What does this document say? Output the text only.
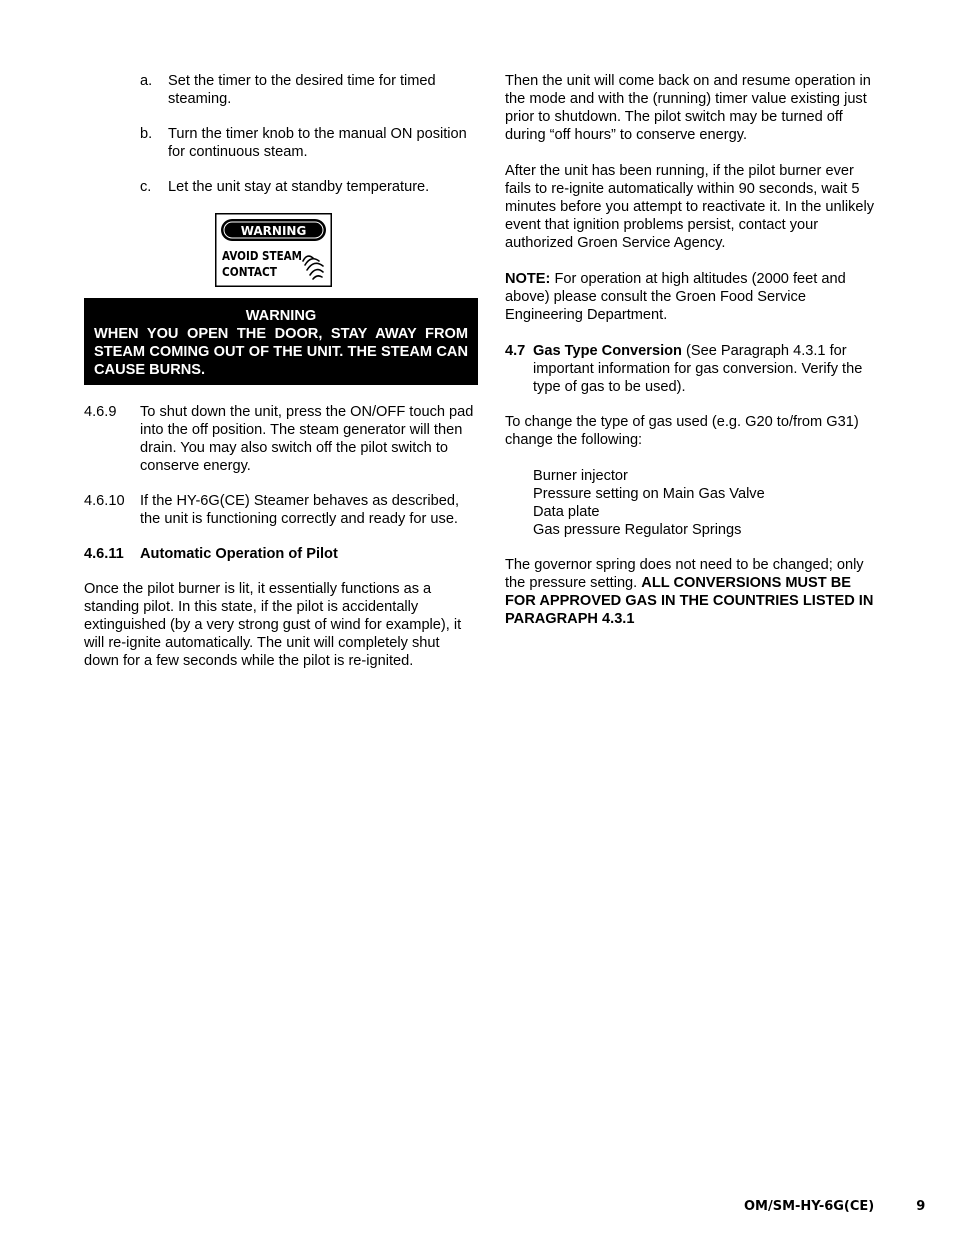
a. Set the timer to the desired time for timed steaming.
b. Turn the timer knob to the manual ON position for continuous steam.
c. Let the unit stay at standby temperature.
WARNING
AVOID STEAM
CONTACT
WARNING
WHEN YOU OPEN THE DOOR, STAY AWAY FROM STEAM COMING OUT OF THE UNIT. THE STEAM CAN CAUSE BURNS.
4.6.9 To shut down the unit, press the ON/OFF touch pad into the off position. The steam generator will then drain. You may also switch off the pilot switch to conserve energy.
4.6.10 If the HY-6G(CE) Steamer behaves as described, the unit is functioning correctly and ready for use.
4.6.11 Automatic Operation of Pilot

Once the pilot burner is lit, it essentially functions as a standing pilot. In this state, if the pilot is accidentally extinguished (by a very strong gust of wind for example), it will re-ignite automatically. The unit will completely shut down for a few seconds while the pilot is re-ignited.

Then the unit will come back on and resume operation in the mode and with the (running) timer value existing just prior to shutdown. The pilot switch may be turned off during “off hours” to conserve energy.

After the unit has been running, if the pilot burner ever fails to re-ignite automatically within 90 seconds, wait 5 minutes before you attempt to reactivate it. In the unlikely event that ignition problems persist, contact your authorized Groen Service Agency.

NOTE: For operation at high altitudes (2000 feet and above) please consult the Groen Food Service Engineering Department.

4.7 Gas Type Conversion (See Paragraph 4.3.1 for important information for gas conversion. Verify the type of gas to be used).

To change the type of gas used (e.g. G20 to/from G31) change the following:

Burner injector
Pressure setting on Main Gas Valve
Data plate
Gas pressure Regulator Springs

The governor spring does not need to be changed; only the pressure setting. ALL CONVERSIONS MUST BE FOR APPROVED GAS IN THE COUNTRIES LISTED IN PARAGRAPH 4.3.1

OM/SM-HY-6G(CE)	9
